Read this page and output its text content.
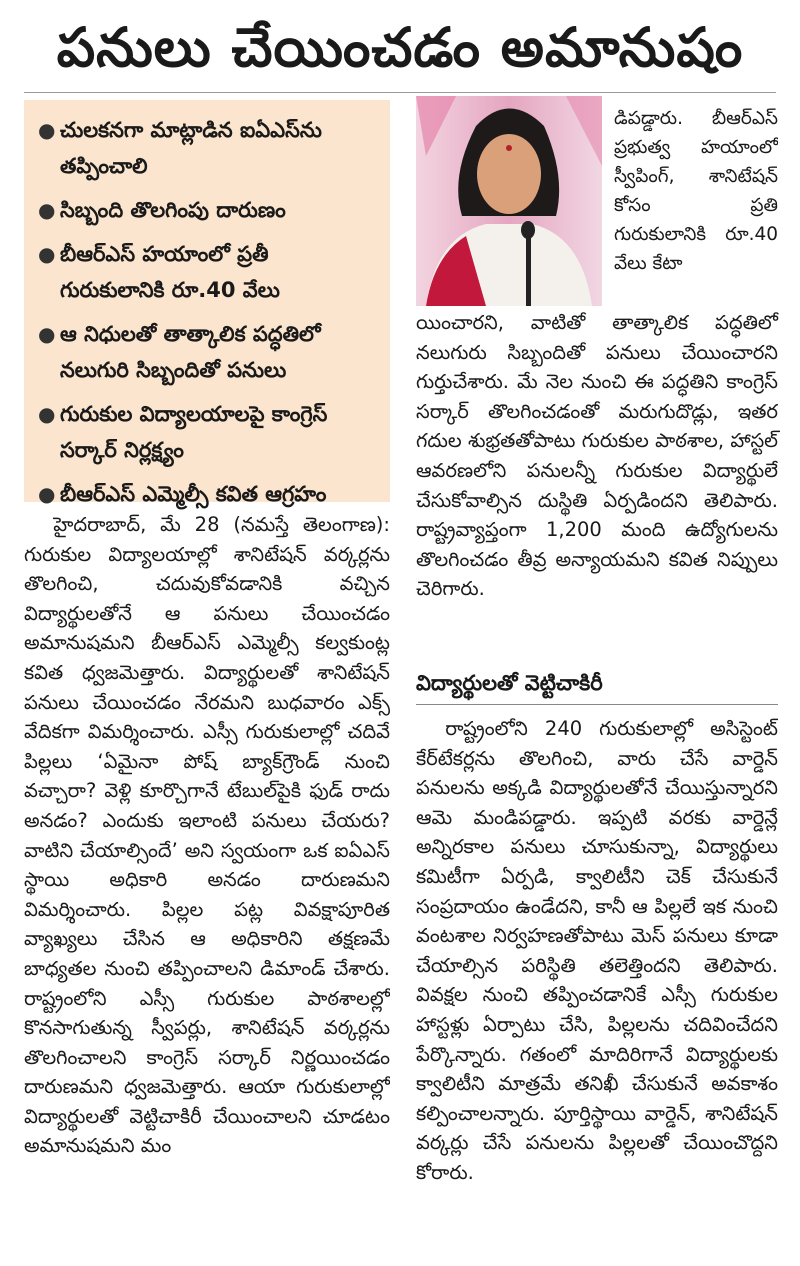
పనులు చేయించడం అమానుషం
● చులకనగా మాట్లాడిన ఐఏఎస్‌ను తప్పించాలి
● సిబ్బంది తొలగింపు దారుణం
● బీఆర్ఎస్ హయాంలో ప్రతీ గురుకులానికి రూ.40 వేలు
● ఆ నిధులతో తాత్కాలిక పద్ధతిలో నలుగురి సిబ్బందితో పనులు
● గురుకుల విద్యాలయాలపై కాంగ్రెస్ సర్కార్ నిర్లక్ష్యం
● బీఆర్ఎస్ ఎమ్మెల్సీ కవిత ఆగ్రహం

హైదరాబాద్, మే 28 (నమస్తే తెలంగాణ): గురుకుల విద్యాలయాల్లో శానిటేషన్ వర్కర్లను తొలగించి, చదువుకోవడానికి వచ్చిన విద్యార్థులతోనే ఆ పనులు చేయించడం అమానుషమని బీఆర్ఎస్ ఎమ్మెల్సీ కల్వకుంట్ల కవిత ధ్వజమెత్తారు. విద్యార్థులతో శానిటేషన్ పనులు చేయించడం నేరమని బుధవారం ఎక్స్ వేదికగా విమర్శించారు. ఎస్సీ గురుకులాల్లో చదివే పిల్లలు ‘ఏమైనా పోష్ బ్యాక్‌గ్రౌండ్ నుంచి వచ్చారా? వెళ్లి కూర్చొగానే టేబుల్‌పైకి ఫుడ్ రాదు అనడం? ఎందుకు ఇలాంటి పనులు చేయరు? వాటిని చేయాల్సిందే’ అని స్వయంగా ఒక ఐఏఎస్ స్థాయి అధికారి అనడం దారుణమని విమర్శించారు. పిల్లల పట్ల వివక్షాపూరిత వ్యాఖ్యలు చేసిన ఆ అధికారిని తక్షణమే బాధ్యతల నుంచి తప్పించాలని డిమాండ్ చేశారు. రాష్ట్రంలోని ఎస్సీ గురుకుల పాఠశాలల్లో కొనసాగుతున్న స్వీపర్లు, శానిటేషన్ వర్కర్లను తొలగించాలని కాంగ్రెస్ సర్కార్ నిర్ణయించడం దారుణమని ధ్వజమెత్తారు. ఆయా గురుకులాల్లో విద్యార్థులతో వెట్టిచాకిరీ చేయించాలని చూడటం అమానుషమని మం

డిపడ్డారు. బీఆర్ఎస్ ప్రభుత్వ హయాంలో స్వీపింగ్, శానిటేషన్ కోసం ప్రతి గురుకులానికి రూ.40 వేలు కేటా

యించారని, వాటితో తాత్కాలిక పద్ధతిలో నలుగురు సిబ్బందితో పనులు చేయించారని గుర్తుచేశారు. మే నెల నుంచి ఈ పద్ధతిని కాంగ్రెస్ సర్కార్ తొలగించడంతో మరుగుదొడ్లు, ఇతర గదుల శుభ్రతతోపాటు గురుకుల పాఠశాల, హాస్టల్ ఆవరణలోని పనులన్నీ గురుకుల విద్యార్థులే చేసుకోవాల్సిన దుస్థితి ఏర్పడిందని తెలిపారు. రాష్ట్రవ్యాప్తంగా 1,200 మంది ఉద్యోగులను తొలగించడం తీవ్ర అన్యాయమని కవిత నిప్పులు చెరిగారు.

విద్యార్థులతో వెట్టిచాకిరీ

రాష్ట్రంలోని 240 గురుకులాల్లో అసిస్టెంట్ కేర్‌టేకర్లను తొలగించి, వారు చేసే వార్డెన్ పనులను అక్కడి విద్యార్థులతోనే చేయిస్తున్నారని ఆమె మండిపడ్డారు. ఇప్పటి వరకు వార్డెన్లే అన్నిరకాల పనులు చూసుకున్నా, విద్యార్థులు కమిటీగా ఏర్పడి, క్వాలిటీని చెక్ చేసుకునే సంప్రదాయం ఉండేదని, కానీ ఆ పిల్లలే ఇక నుంచి వంటశాల నిర్వహణతోపాటు మెస్ పనులు కూడా చేయాల్సిన పరిస్థితి తలెత్తిందని తెలిపారు. వివక్షల నుంచి తప్పించడానికే ఎస్సీ గురుకుల హాస్టళ్లు ఏర్పాటు చేసి, పిల్లలను చదివించేదని పేర్కొన్నారు. గతంలో మాదిరిగానే విద్యార్థులకు క్వాలిటీని మాత్రమే తనిఖీ చేసుకునే అవకాశం కల్పించాలన్నారు. పూర్తిస్థాయి వార్డెన్, శానిటేషన్ వర్కర్లు చేసే పనులను పిల్లలతో చేయించొద్దని కోరారు.
